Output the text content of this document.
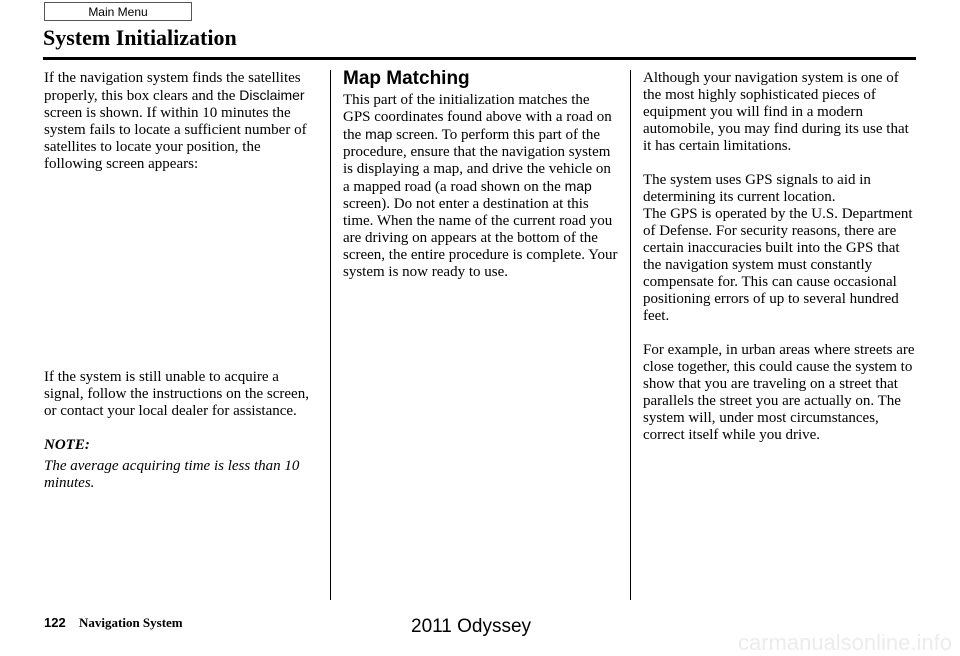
Main Menu
System Initialization

If the navigation system finds the satellites properly, this box clears and the Disclaimer screen is shown. If within 10 minutes the system fails to locate a sufficient number of satellites to locate your position, the following screen appears:

If the system is still unable to acquire a signal, follow the instructions on the screen, or contact your local dealer for assistance.

NOTE:

The average acquiring time is less than 10 minutes.

Map Matching

This part of the initialization matches the GPS coordinates found above with a road on the map screen. To perform this part of the procedure, ensure that the navigation system is displaying a map, and drive the vehicle on a mapped road (a road shown on the map screen). Do not enter a destination at this time. When the name of the current road you are driving on appears at the bottom of the screen, the entire procedure is complete. Your system is now ready to use.

Although your navigation system is one of the most highly sophisticated pieces of equipment you will find in a modern automobile, you may find during its use that it has certain limitations.

The system uses GPS signals to aid in determining its current location.
The GPS is operated by the U.S. Department of Defense. For security reasons, there are certain inaccuracies built into the GPS that the navigation system must constantly compensate for. This can cause occasional positioning errors of up to several hundred feet.

For example, in urban areas where streets are close together, this could cause the system to show that you are traveling on a street that parallels the street you are actually on. The system will, under most circumstances, correct itself while you drive.

122 Navigation System	2011 Odyssey
carmanualsonline.info
